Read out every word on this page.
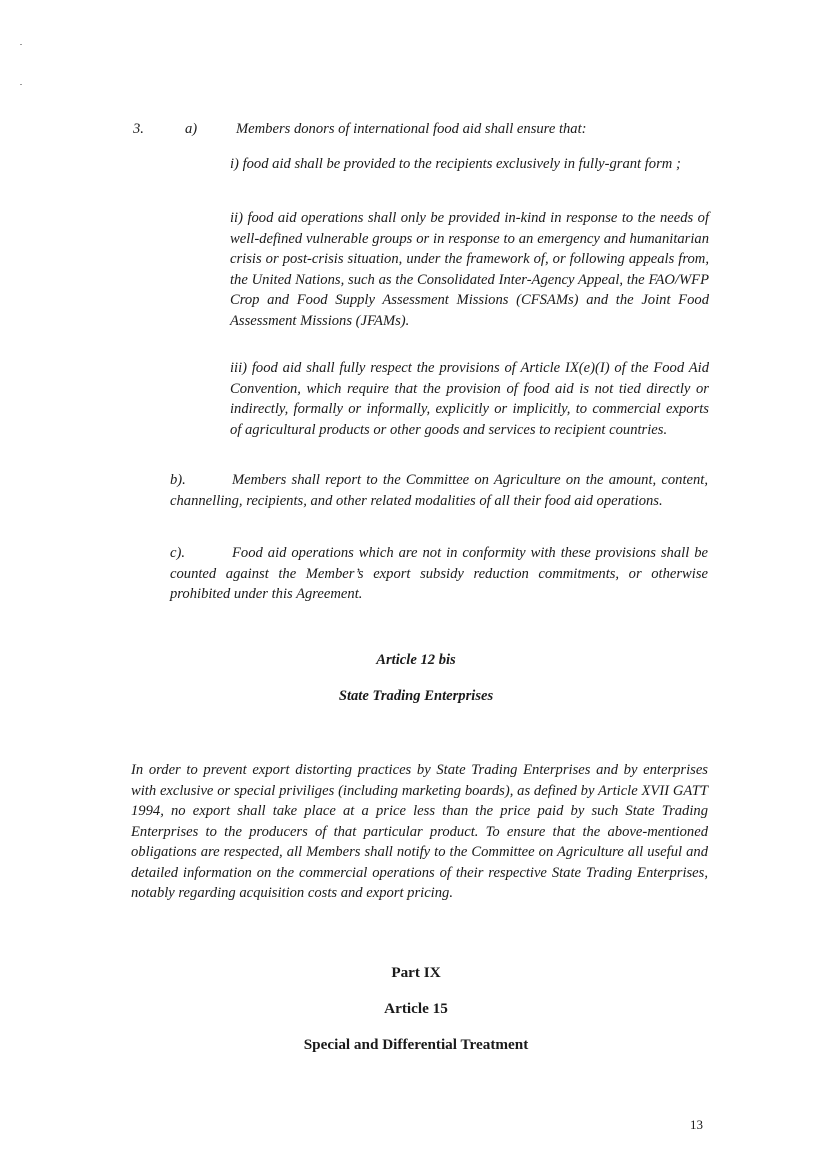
3.	a)	Members donors of international food aid shall ensure that:
i) food aid shall be provided to the recipients exclusively in fully-grant form ;
ii) food aid operations shall only be provided in-kind in response to the needs of well-defined vulnerable groups or in response to an emergency and humanitarian crisis or post-crisis situation, under the framework of, or following appeals from, the United Nations, such as the Consolidated Inter-Agency Appeal, the FAO/WFP Crop and Food Supply Assessment Missions (CFSAMs) and the Joint Food Assessment Missions (JFAMs).
iii) food aid shall fully respect the provisions of Article IX(e)(I) of the Food Aid Convention, which require that the provision of food aid is not tied directly or indirectly, formally or informally, explicitly or implicitly, to commercial exports of agricultural products or other goods and services to recipient countries.
b).	Members shall report to the Committee on Agriculture on the amount, content, channelling, recipients, and other related modalities of all their food aid operations.
c).	Food aid operations which are not in conformity with these provisions shall be counted against the Member’s export subsidy reduction commitments, or otherwise prohibited under this Agreement.
Article 12 bis
State Trading Enterprises
In order to prevent export distorting practices by State Trading Enterprises and by enterprises with exclusive or special priviliges (including marketing boards), as defined by Article XVII GATT 1994, no export shall take place at a price less than the price paid by such State Trading Enterprises to the producers of that particular product. To ensure that the above-mentioned obligations are respected, all Members shall notify to the Committee on Agriculture all useful and detailed information on the commercial operations of their respective State Trading Enterprises, notably regarding acquisition costs and export pricing.
Part IX
Article 15
Special and Differential Treatment
13
